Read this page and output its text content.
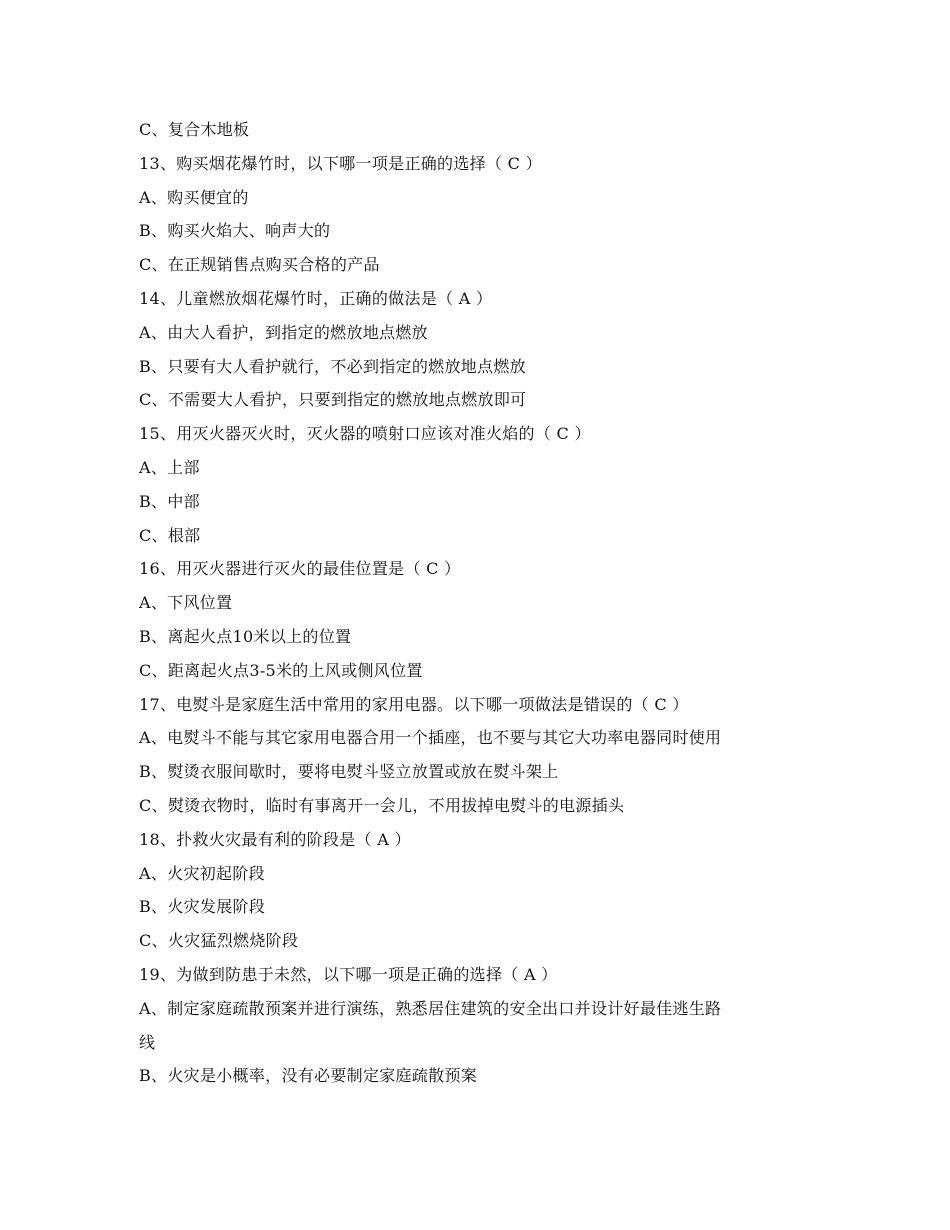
C、复合木地板
13、购买烟花爆竹时，以下哪一项是正确的选择（ C ）
A、购买便宜的
B、购买火焰大、响声大的
C、在正规销售点购买合格的产品
14、儿童燃放烟花爆竹时，正确的做法是（ A ）
A、由大人看护，到指定的燃放地点燃放
B、只要有大人看护就行，不必到指定的燃放地点燃放
C、不需要大人看护，只要到指定的燃放地点燃放即可
15、用灭火器灭火时，灭火器的喷射口应该对准火焰的（ C ）
A、上部
B、中部
C、根部
16、用灭火器进行灭火的最佳位置是（ C ）
A、下风位置
B、离起火点10米以上的位置
C、距离起火点3-5米的上风或侧风位置
17、电熨斗是家庭生活中常用的家用电器。以下哪一项做法是错误的（ C ）
A、电熨斗不能与其它家用电器合用一个插座，也不要与其它大功率电器同时使用
B、熨烫衣服间歇时，要将电熨斗竖立放置或放在熨斗架上
C、熨烫衣物时，临时有事离开一会儿，不用拔掉电熨斗的电源插头
18、扑救火灾最有利的阶段是（ A ）
A、火灾初起阶段
B、火灾发展阶段
C、火灾猛烈燃烧阶段
19、为做到防患于未然，以下哪一项是正确的选择（ A ）
A、制定家庭疏散预案并进行演练，熟悉居住建筑的安全出口并设计好最佳逃生路
线
B、火灾是小概率，没有必要制定家庭疏散预案
